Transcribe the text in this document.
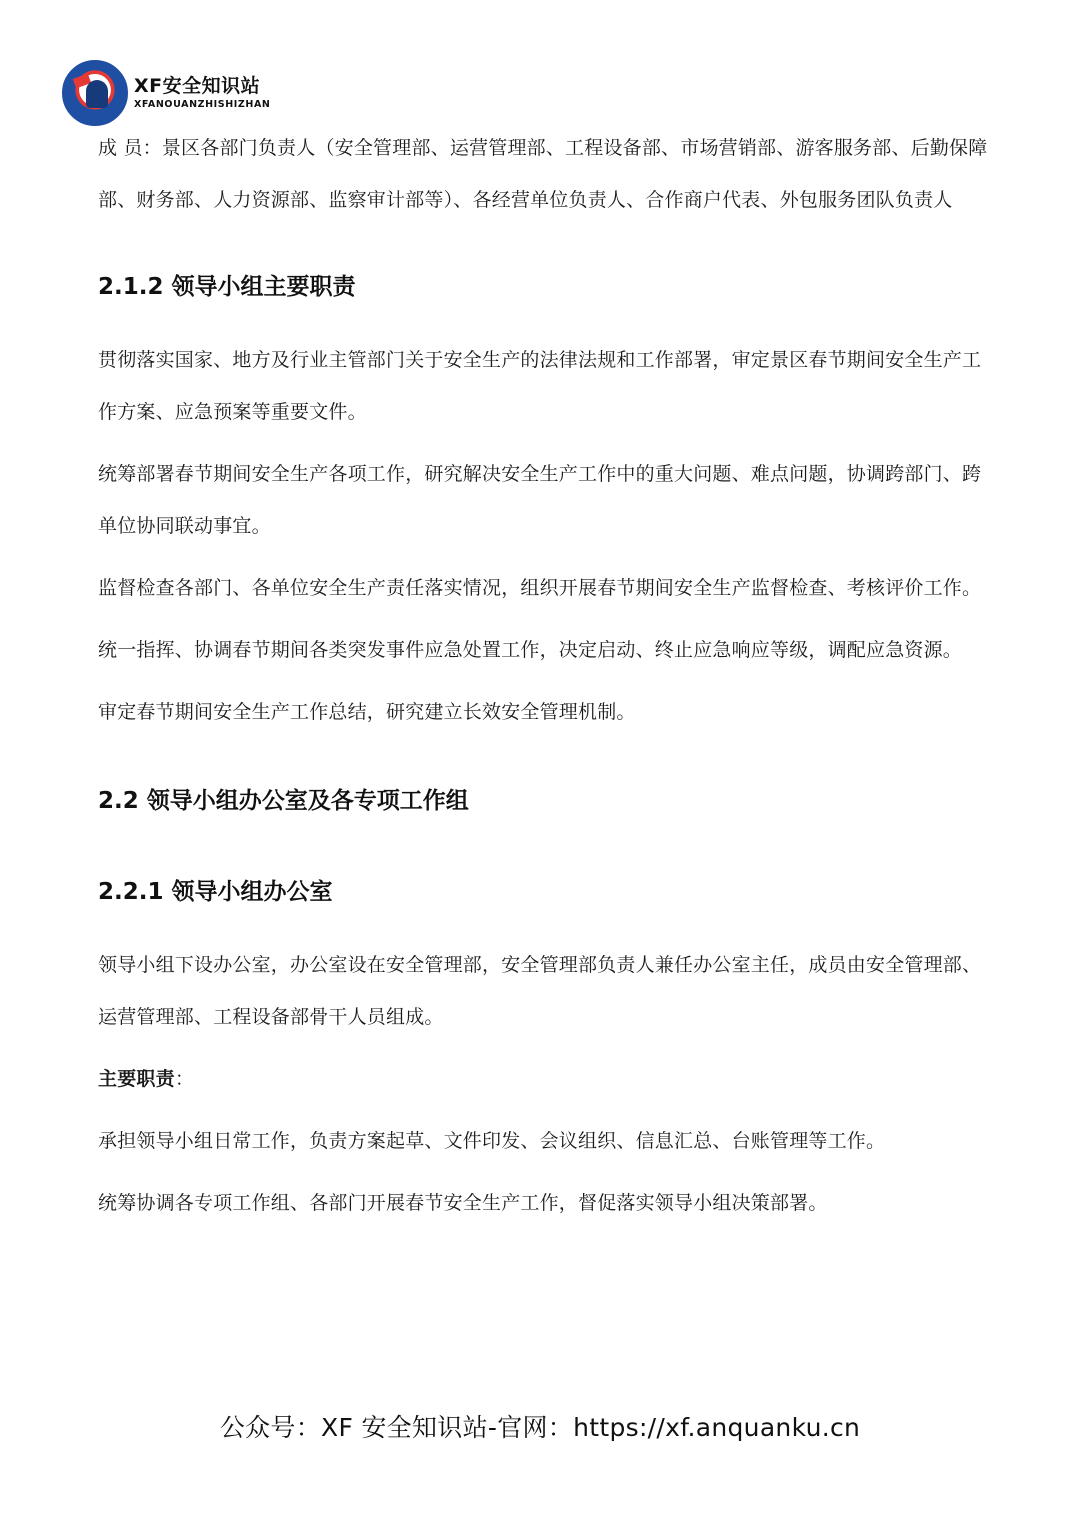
XF安全知识站
XFANOUANZHISHIZHAN

成 员：景区各部门负责人（安全管理部、运营管理部、工程设备部、市场营销部、游客服务部、后勤保障部、财务部、人力资源部、监察审计部等）、各经营单位负责人、合作商户代表、外包服务团队负责人

2.1.2 领导小组主要职责

贯彻落实国家、地方及行业主管部门关于安全生产的法律法规和工作部署，审定景区春节期间安全生产工作方案、应急预案等重要文件。

统筹部署春节期间安全生产各项工作，研究解决安全生产工作中的重大问题、难点问题，协调跨部门、跨单位协同联动事宜。

监督检查各部门、各单位安全生产责任落实情况，组织开展春节期间安全生产监督检查、考核评价工作。

统一指挥、协调春节期间各类突发事件应急处置工作，决定启动、终止应急响应等级，调配应急资源。

审定春节期间安全生产工作总结，研究建立长效安全管理机制。

2.2 领导小组办公室及各专项工作组
2.2.1 领导小组办公室

领导小组下设办公室，办公室设在安全管理部，安全管理部负责人兼任办公室主任，成员由安全管理部、运营管理部、工程设备部骨干人员组成。

主要职责：

承担领导小组日常工作，负责方案起草、文件印发、会议组织、信息汇总、台账管理等工作。

统筹协调各专项工作组、各部门开展春节安全生产工作，督促落实领导小组决策部署。

公众号：XF 安全知识站-官网：https://xf.anquanku.cn
